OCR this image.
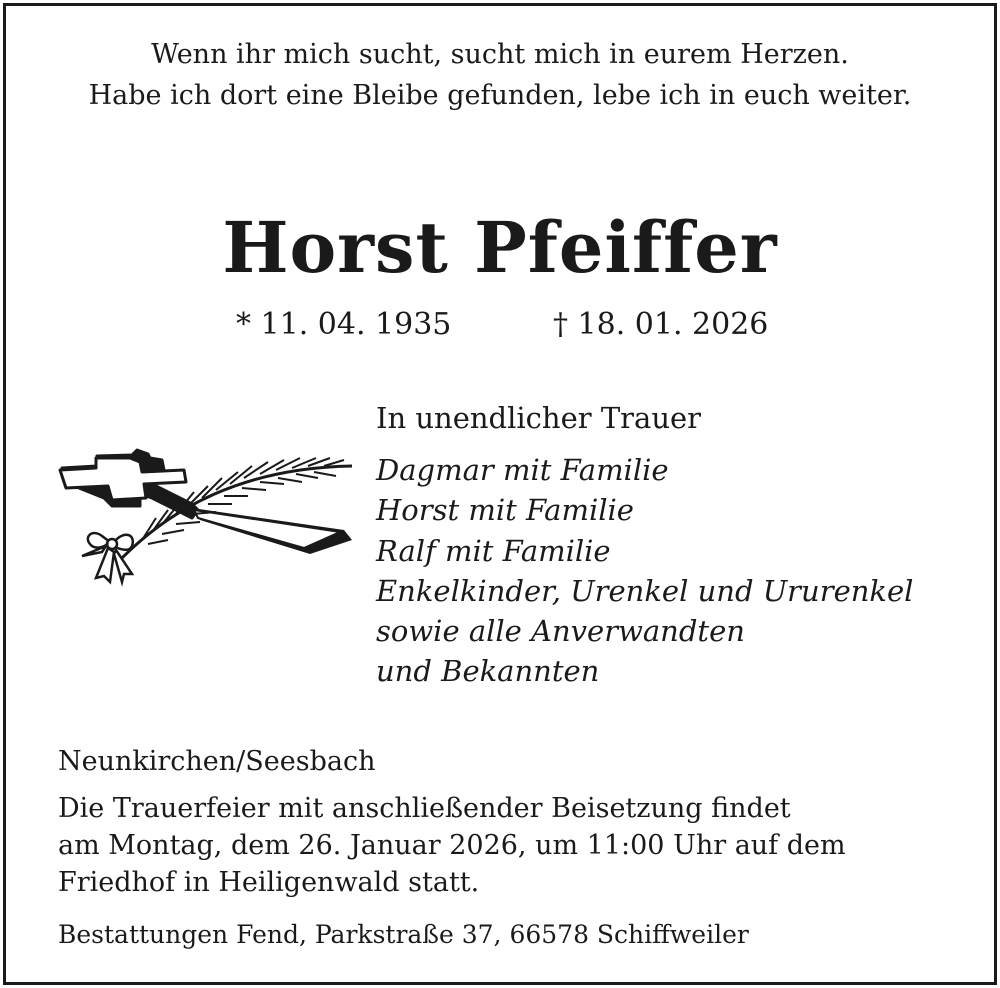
Wenn ihr mich sucht, sucht mich in eurem Herzen.
Habe ich dort eine Bleibe gefunden, lebe ich in euch weiter.
Horst Pfeiffer
* 11. 04. 1935	† 18. 01. 2026
In unendlicher Trauer
Dagmar mit Familie
Horst mit Familie
Ralf mit Familie
Enkelkinder, Urenkel und Ururenkel
sowie alle Anverwandten
und Bekannten
Neunkirchen/Seesbach
Die Trauerfeier mit anschließender Beisetzung findet
am Montag, dem 26. Januar 2026, um 11:00 Uhr auf dem
Friedhof in Heiligenwald statt.
Bestattungen Fend, Parkstraße 37, 66578 Schiffweiler
